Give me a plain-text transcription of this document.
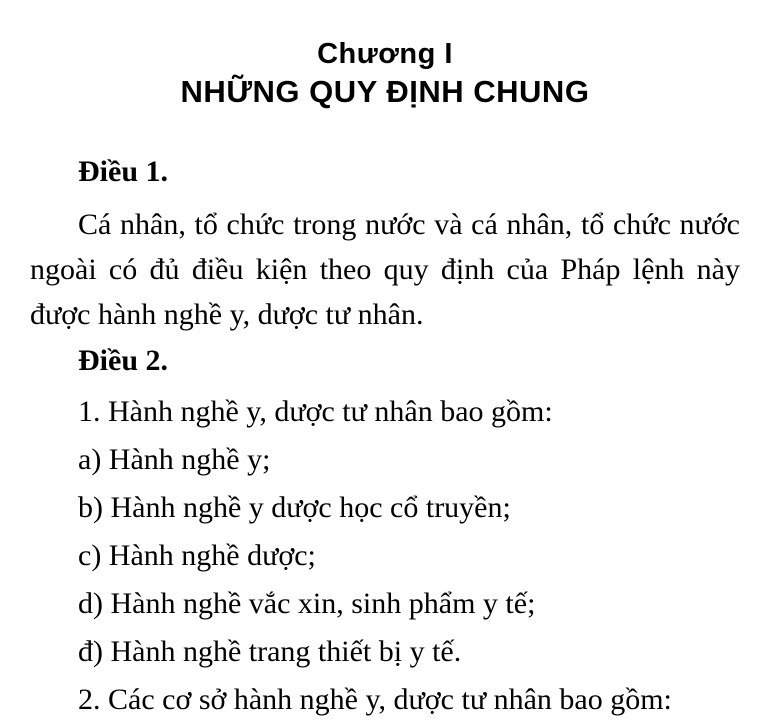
Chương I
NHỮNG QUY ĐỊNH CHUNG
Điều 1.

Cá nhân, tổ chức trong nước và cá nhân, tổ chức nước ngoài có đủ điều kiện theo quy định của Pháp lệnh này được hành nghề y, dược tư nhân.

Điều 2.

1. Hành nghề y, dược tư nhân bao gồm:

a) Hành nghề y;

b) Hành nghề y dược học cổ truyền;

c) Hành nghề dược;

d) Hành nghề vắc xin, sinh phẩm y tế;

đ) Hành nghề trang thiết bị y tế.

2. Các cơ sở hành nghề y, dược tư nhân bao gồm:
